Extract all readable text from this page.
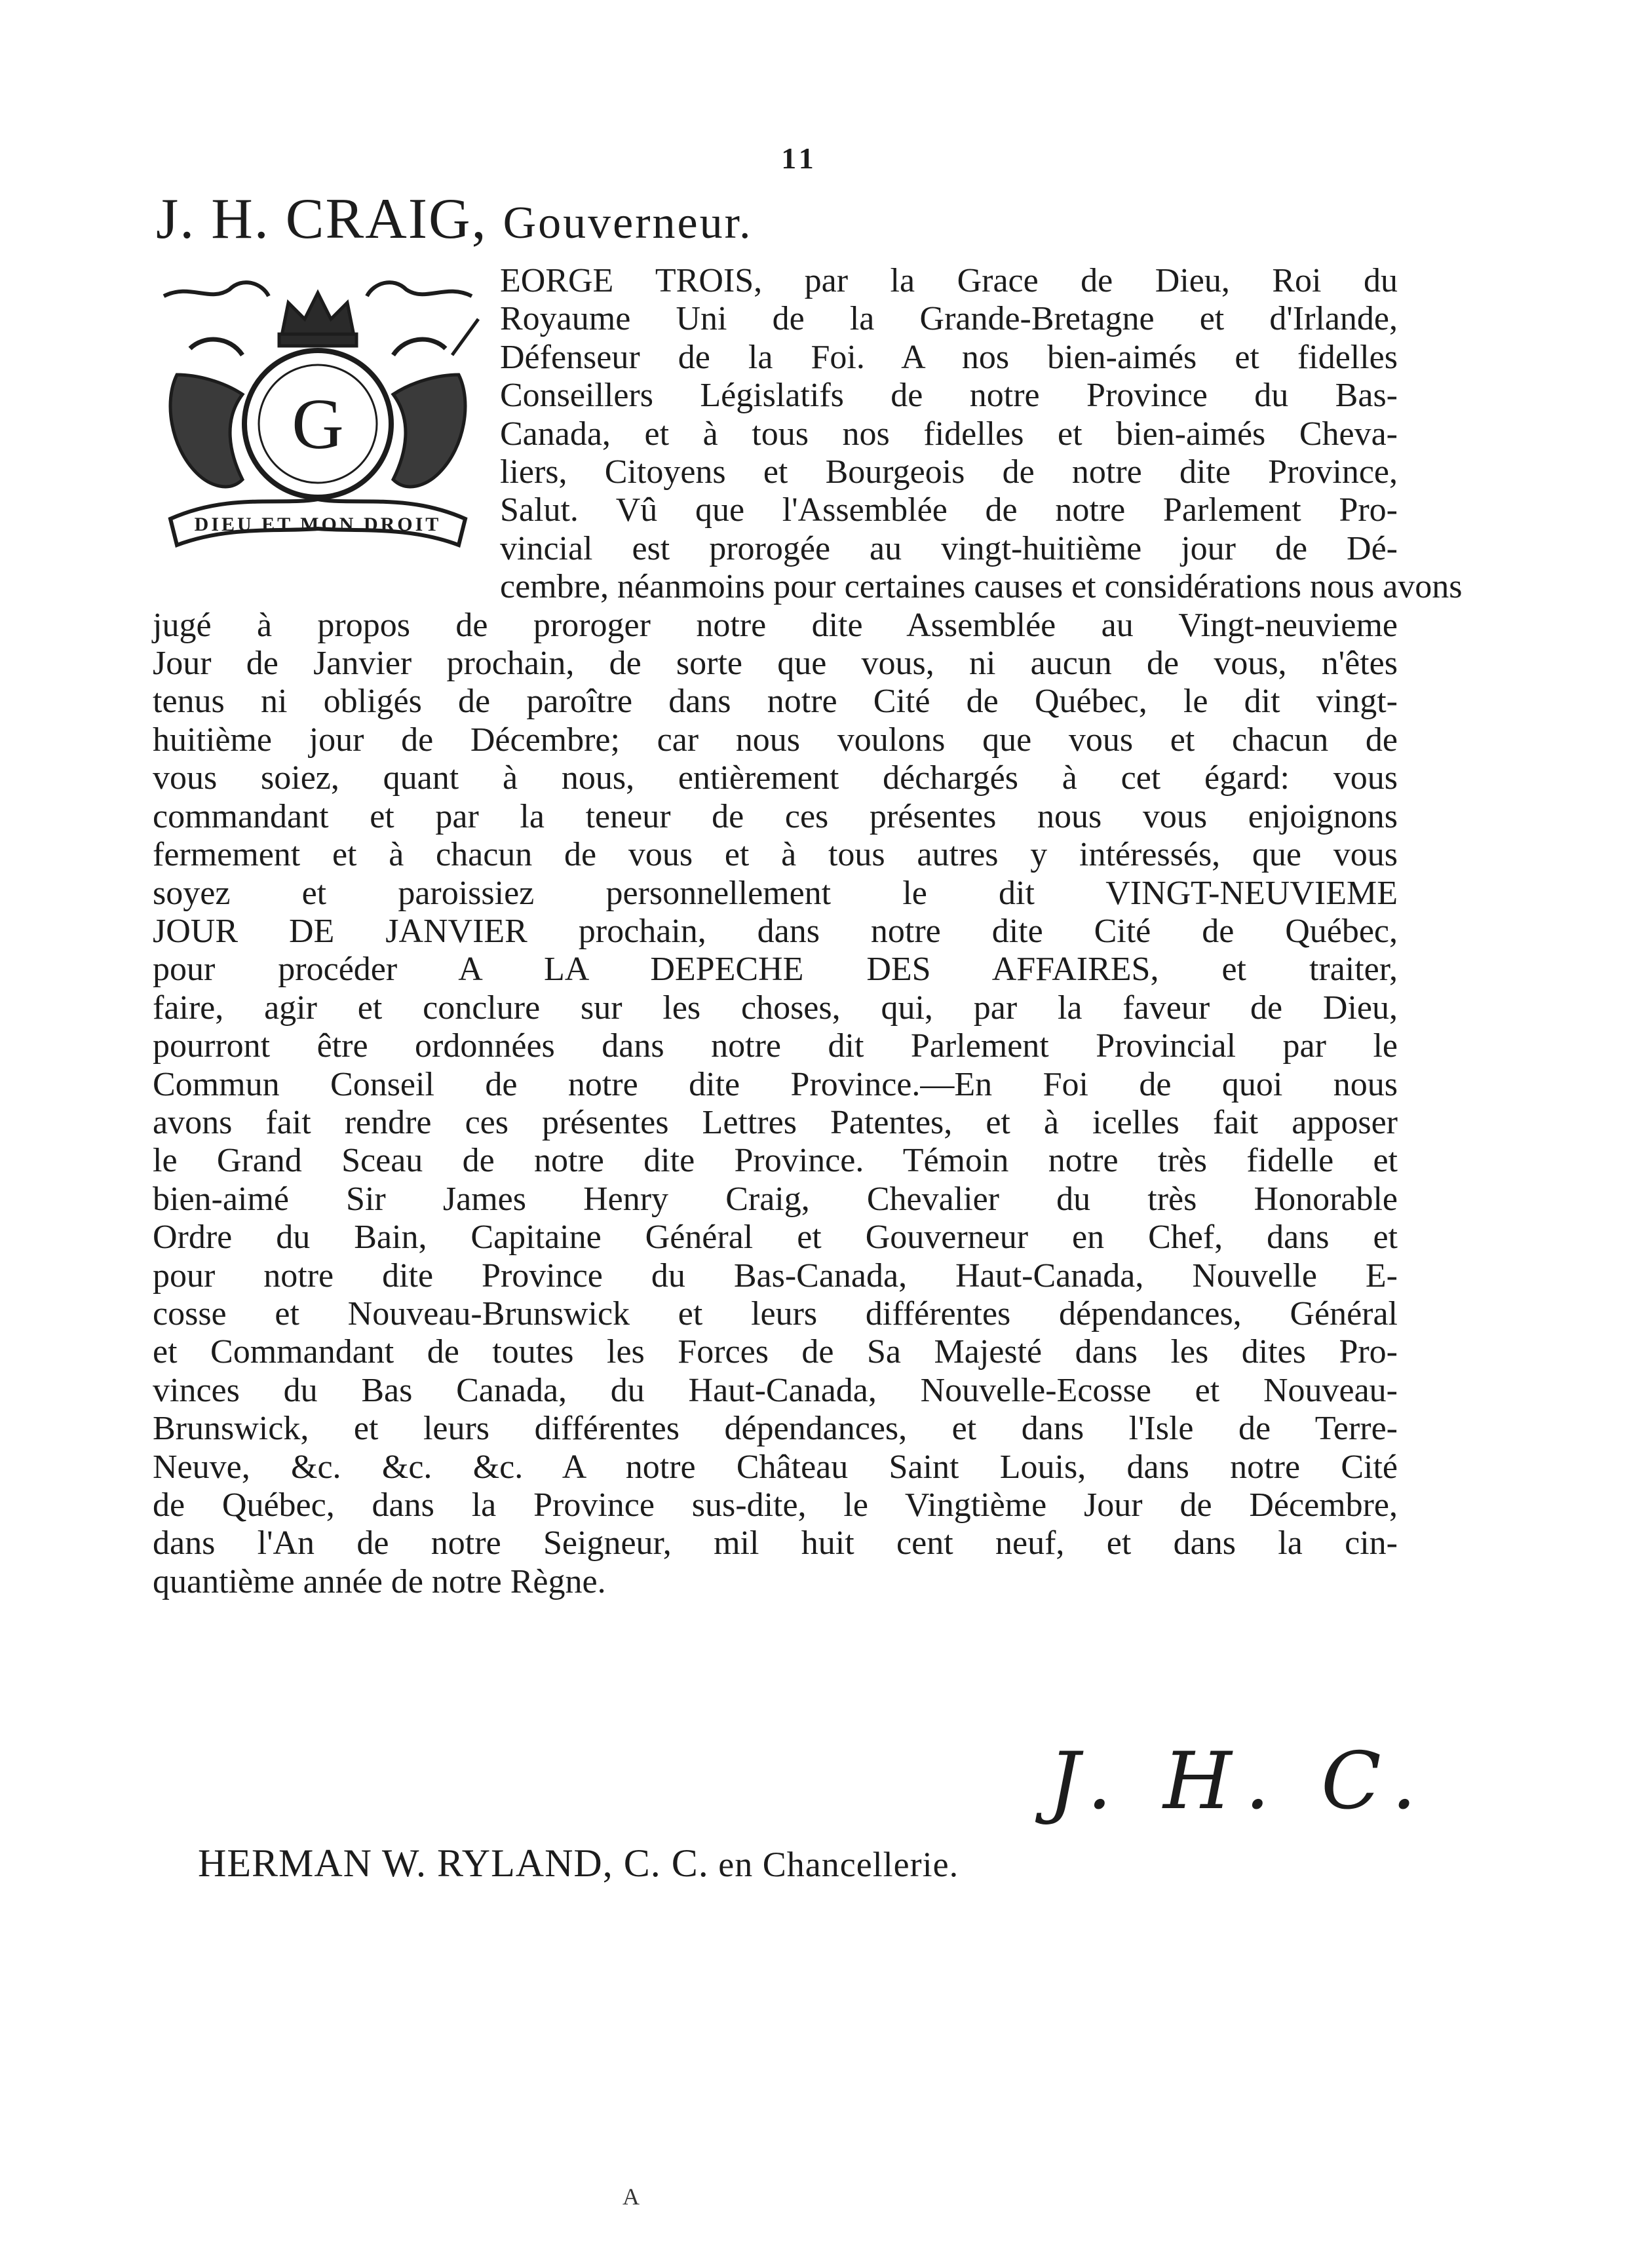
11
J. H. CRAIG, Gouverneur.
G
DIEU ET MON DROIT
EORGE TROIS, par la Grace de Dieu, Roi du
Royaume Uni de la Grande-Bretagne et d'Irlande,
Défenseur de la Foi. A nos bien-aimés et fidelles
Conseillers Législatifs de notre Province du Bas-
Canada, et à tous nos fidelles et bien-aimés Cheva-
liers, Citoyens et Bourgeois de notre dite Province,
Salut. Vû que l'Assemblée de notre Parlement Pro-
vincial est prorogée au vingt-huitième jour de Dé-
cembre, néanmoins pour certaines causes et considérations nous avons
jugé à propos de proroger notre dite Assemblée au Vingt-neuvieme
Jour de Janvier prochain, de sorte que vous, ni aucun de vous, n'êtes
tenus ni obligés de paroître dans notre Cité de Québec, le dit vingt-
huitième jour de Décembre; car nous voulons que vous et chacun de
vous soiez, quant à nous, entièrement déchargés à cet égard: vous
commandant et par la teneur de ces présentes nous vous enjoignons
fermement et à chacun de vous et à tous autres y intéressés, que vous
soyez et paroissiez personnellement le dit VINGT-NEUVIEME
JOUR DE JANVIER prochain, dans notre dite Cité de Québec,
pour procéder A LA DEPECHE DES AFFAIRES, et traiter,
faire, agir et conclure sur les choses, qui, par la faveur de Dieu,
pourront être ordonnées dans notre dit Parlement Provincial par le
Commun Conseil de notre dite Province.—En Foi de quoi nous
avons fait rendre ces présentes Lettres Patentes, et à icelles fait apposer
le Grand Sceau de notre dite Province. Témoin notre très fidelle et
bien-aimé Sir James Henry Craig, Chevalier du très Honorable
Ordre du Bain, Capitaine Général et Gouverneur en Chef, dans et
pour notre dite Province du Bas-Canada, Haut-Canada, Nouvelle E-
cosse et Nouveau-Brunswick et leurs différentes dépendances, Général
et Commandant de toutes les Forces de Sa Majesté dans les dites Pro-
vinces du Bas Canada, du Haut-Canada, Nouvelle-Ecosse et Nouveau-
Brunswick, et leurs différentes dépendances, et dans l'Isle de Terre-
Neuve, &c. &c. &c. A notre Château Saint Louis, dans notre Cité
de Québec, dans la Province sus-dite, le Vingtième Jour de Décembre,
dans l'An de notre Seigneur, mil huit cent neuf, et dans la cin-
quantième année de notre Règne.
J. H. C.
HERMAN W. RYLAND, C. C. en Chancellerie.
A
